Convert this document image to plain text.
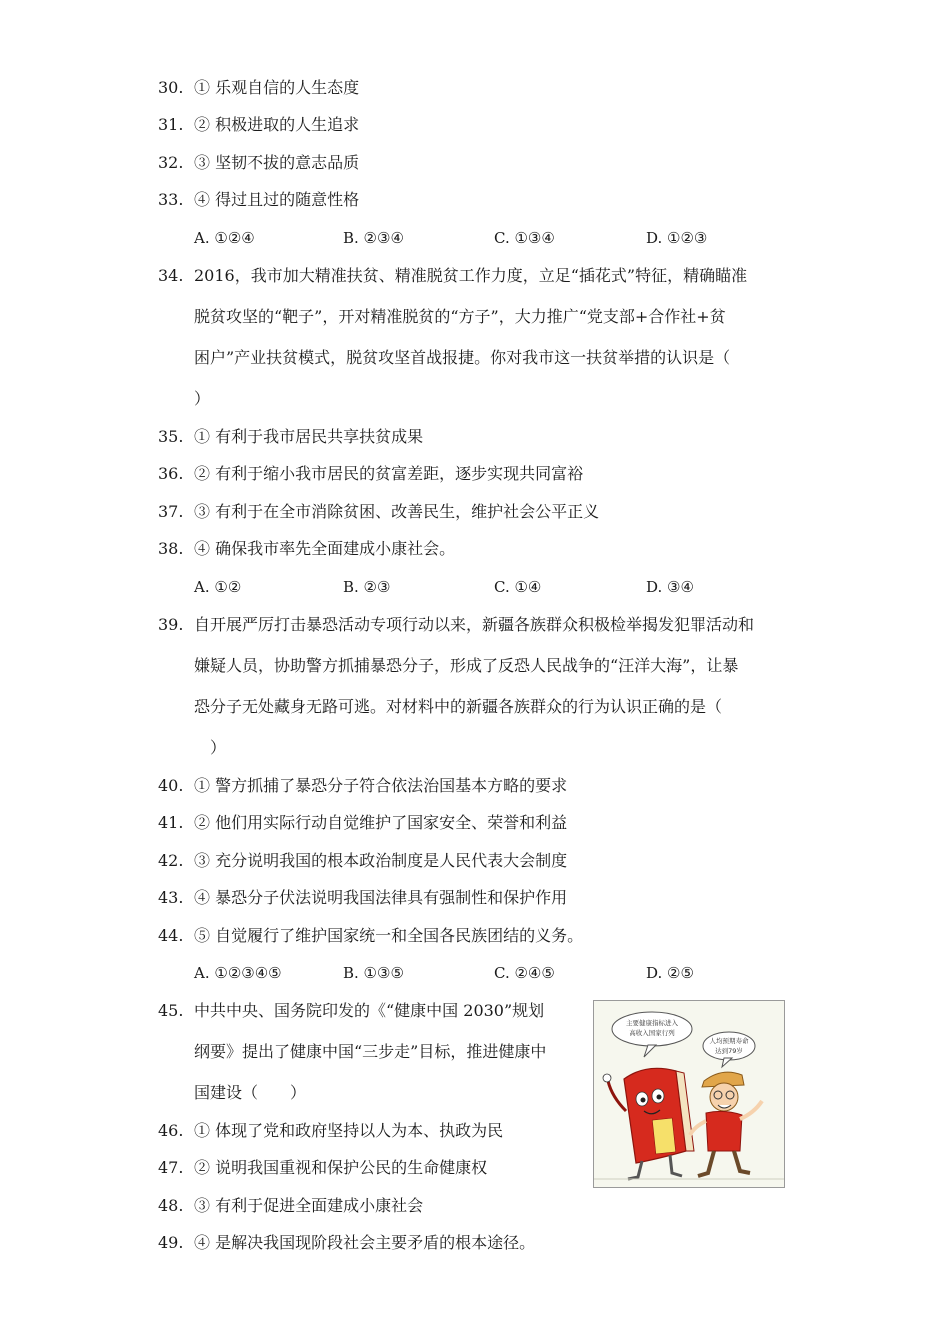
30. ① 乐观自信的人生态度
31. ② 积极进取的人生追求
32. ③ 坚韧不拔的意志品质
33. ④ 得过且过的随意性格
A. ①②④	B. ②③④	C. ①③④	D. ①②③
34. 2016，我市加大精准扶贫、精准脱贫工作力度，立足“插花式”特征，精确瞄准
脱贫攻坚的“靶子”，开对精准脱贫的“方子”，大力推广“党支部+合作社+贫
困户”产业扶贫模式，脱贫攻坚首战报捷。你对我市这一扶贫举措的认识是（
）
35. ① 有利于我市居民共享扶贫成果
36. ② 有利于缩小我市居民的贫富差距，逐步实现共同富裕
37. ③ 有利于在全市消除贫困、改善民生，维护社会公平正义
38. ④ 确保我市率先全面建成小康社会。
A. ①②	B. ②③	C. ①④	D. ③④
39. 自开展严厉打击暴恐活动专项行动以来，新疆各族群众积极检举揭发犯罪活动和
嫌疑人员，协助警方抓捕暴恐分子，形成了反恐人民战争的“汪洋大海”，让暴
恐分子无处藏身无路可逃。对材料中的新疆各族群众的行为认识正确的是（
）
40. ① 警方抓捕了暴恐分子符合依法治国基本方略的要求
41. ② 他们用实际行动自觉维护了国家安全、荣誉和利益
42. ③ 充分说明我国的根本政治制度是人民代表大会制度
43. ④ 暴恐分子伏法说明我国法律具有强制性和保护作用
44. ⑤ 自觉履行了维护国家统一和全国各民族团结的义务。
A. ①②③④⑤	B. ①③⑤	C. ②④⑤	D. ②⑤
45. 中共中央、国务院印发的《“健康中国 2030”规划
纲要》提出了健康中国“三步走”目标，推进健康中
国建设（　　）
46. ① 体现了党和政府坚持以人为本、执政为民
47. ② 说明我国重视和保护公民的生命健康权
48. ③ 有利于促进全面建成小康社会
49. ④ 是解决我国现阶段社会主要矛盾的根本途径。
主要健康指标进入
高收入国家行列
人均预期寿命
达到79岁
